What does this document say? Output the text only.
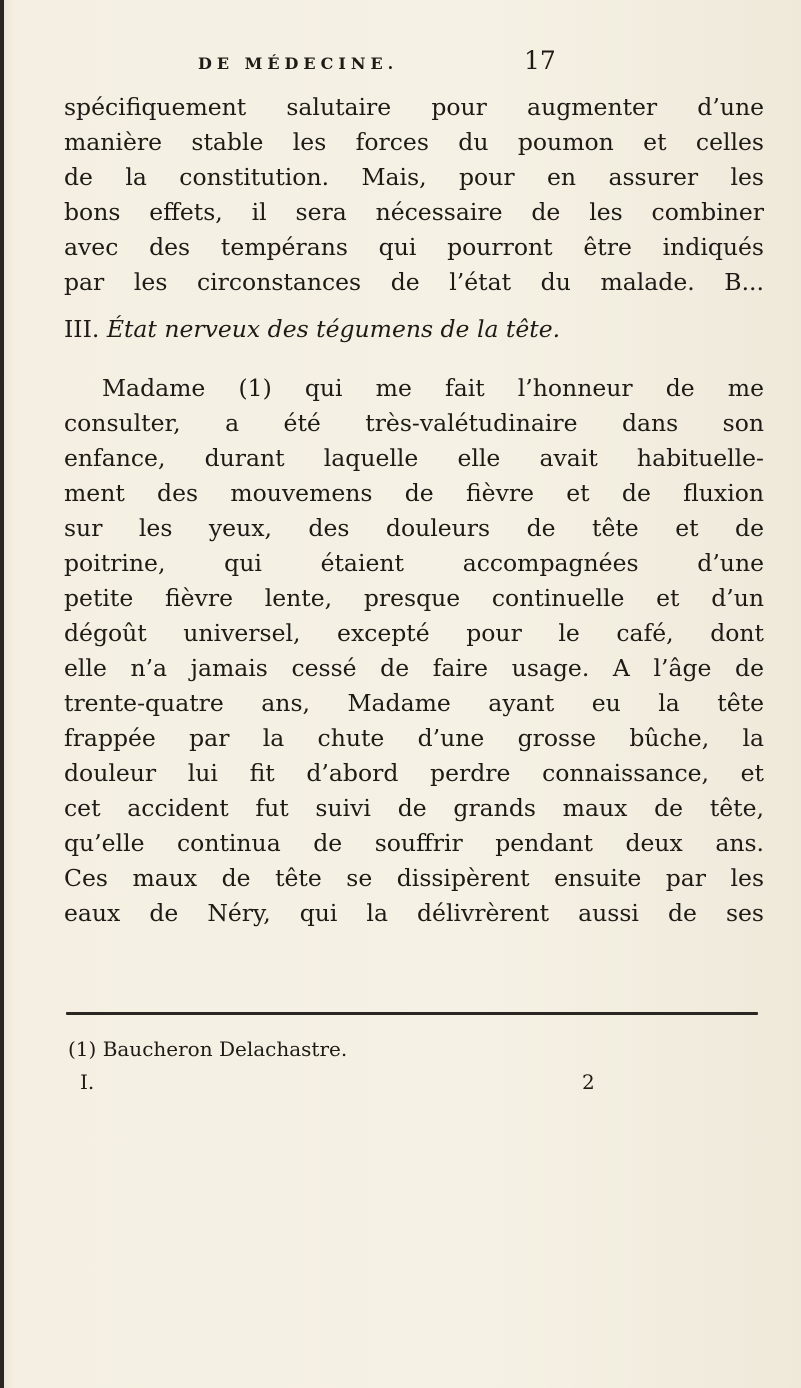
DE MÉDECINE.	17
spécifiquement salutaire pour augmenter d’une
manière stable les forces du poumon et celles
de la constitution. Mais, pour en assurer les
bons effets, il sera nécessaire de les combiner
avec des tempérans qui pourront être indiqués
par les circonstances de l’état du malade. B...
III. État nerveux des tégumens de la tête.
Madame (1) qui me fait l’honneur de me
consulter, a été très-valétudinaire dans son
enfance, durant laquelle elle avait habituelle-
ment des mouvemens de fièvre et de fluxion
sur les yeux, des douleurs de tête et de
poitrine, qui étaient accompagnées d’une
petite fièvre lente, presque continuelle et d’un
dégoût universel, excepté pour le café, dont
elle n’a jamais cessé de faire usage. A l’âge de
trente-quatre ans, Madame ayant eu la tête
frappée par la chute d’une grosse bûche, la
douleur lui fit d’abord perdre connaissance, et
cet accident fut suivi de grands maux de tête,
qu’elle continua de souffrir pendant deux ans.
Ces maux de tête se dissipèrent ensuite par les
eaux de Néry, qui la délivrèrent aussi de ses
(1) Baucheron Delachastre.
I.	2
